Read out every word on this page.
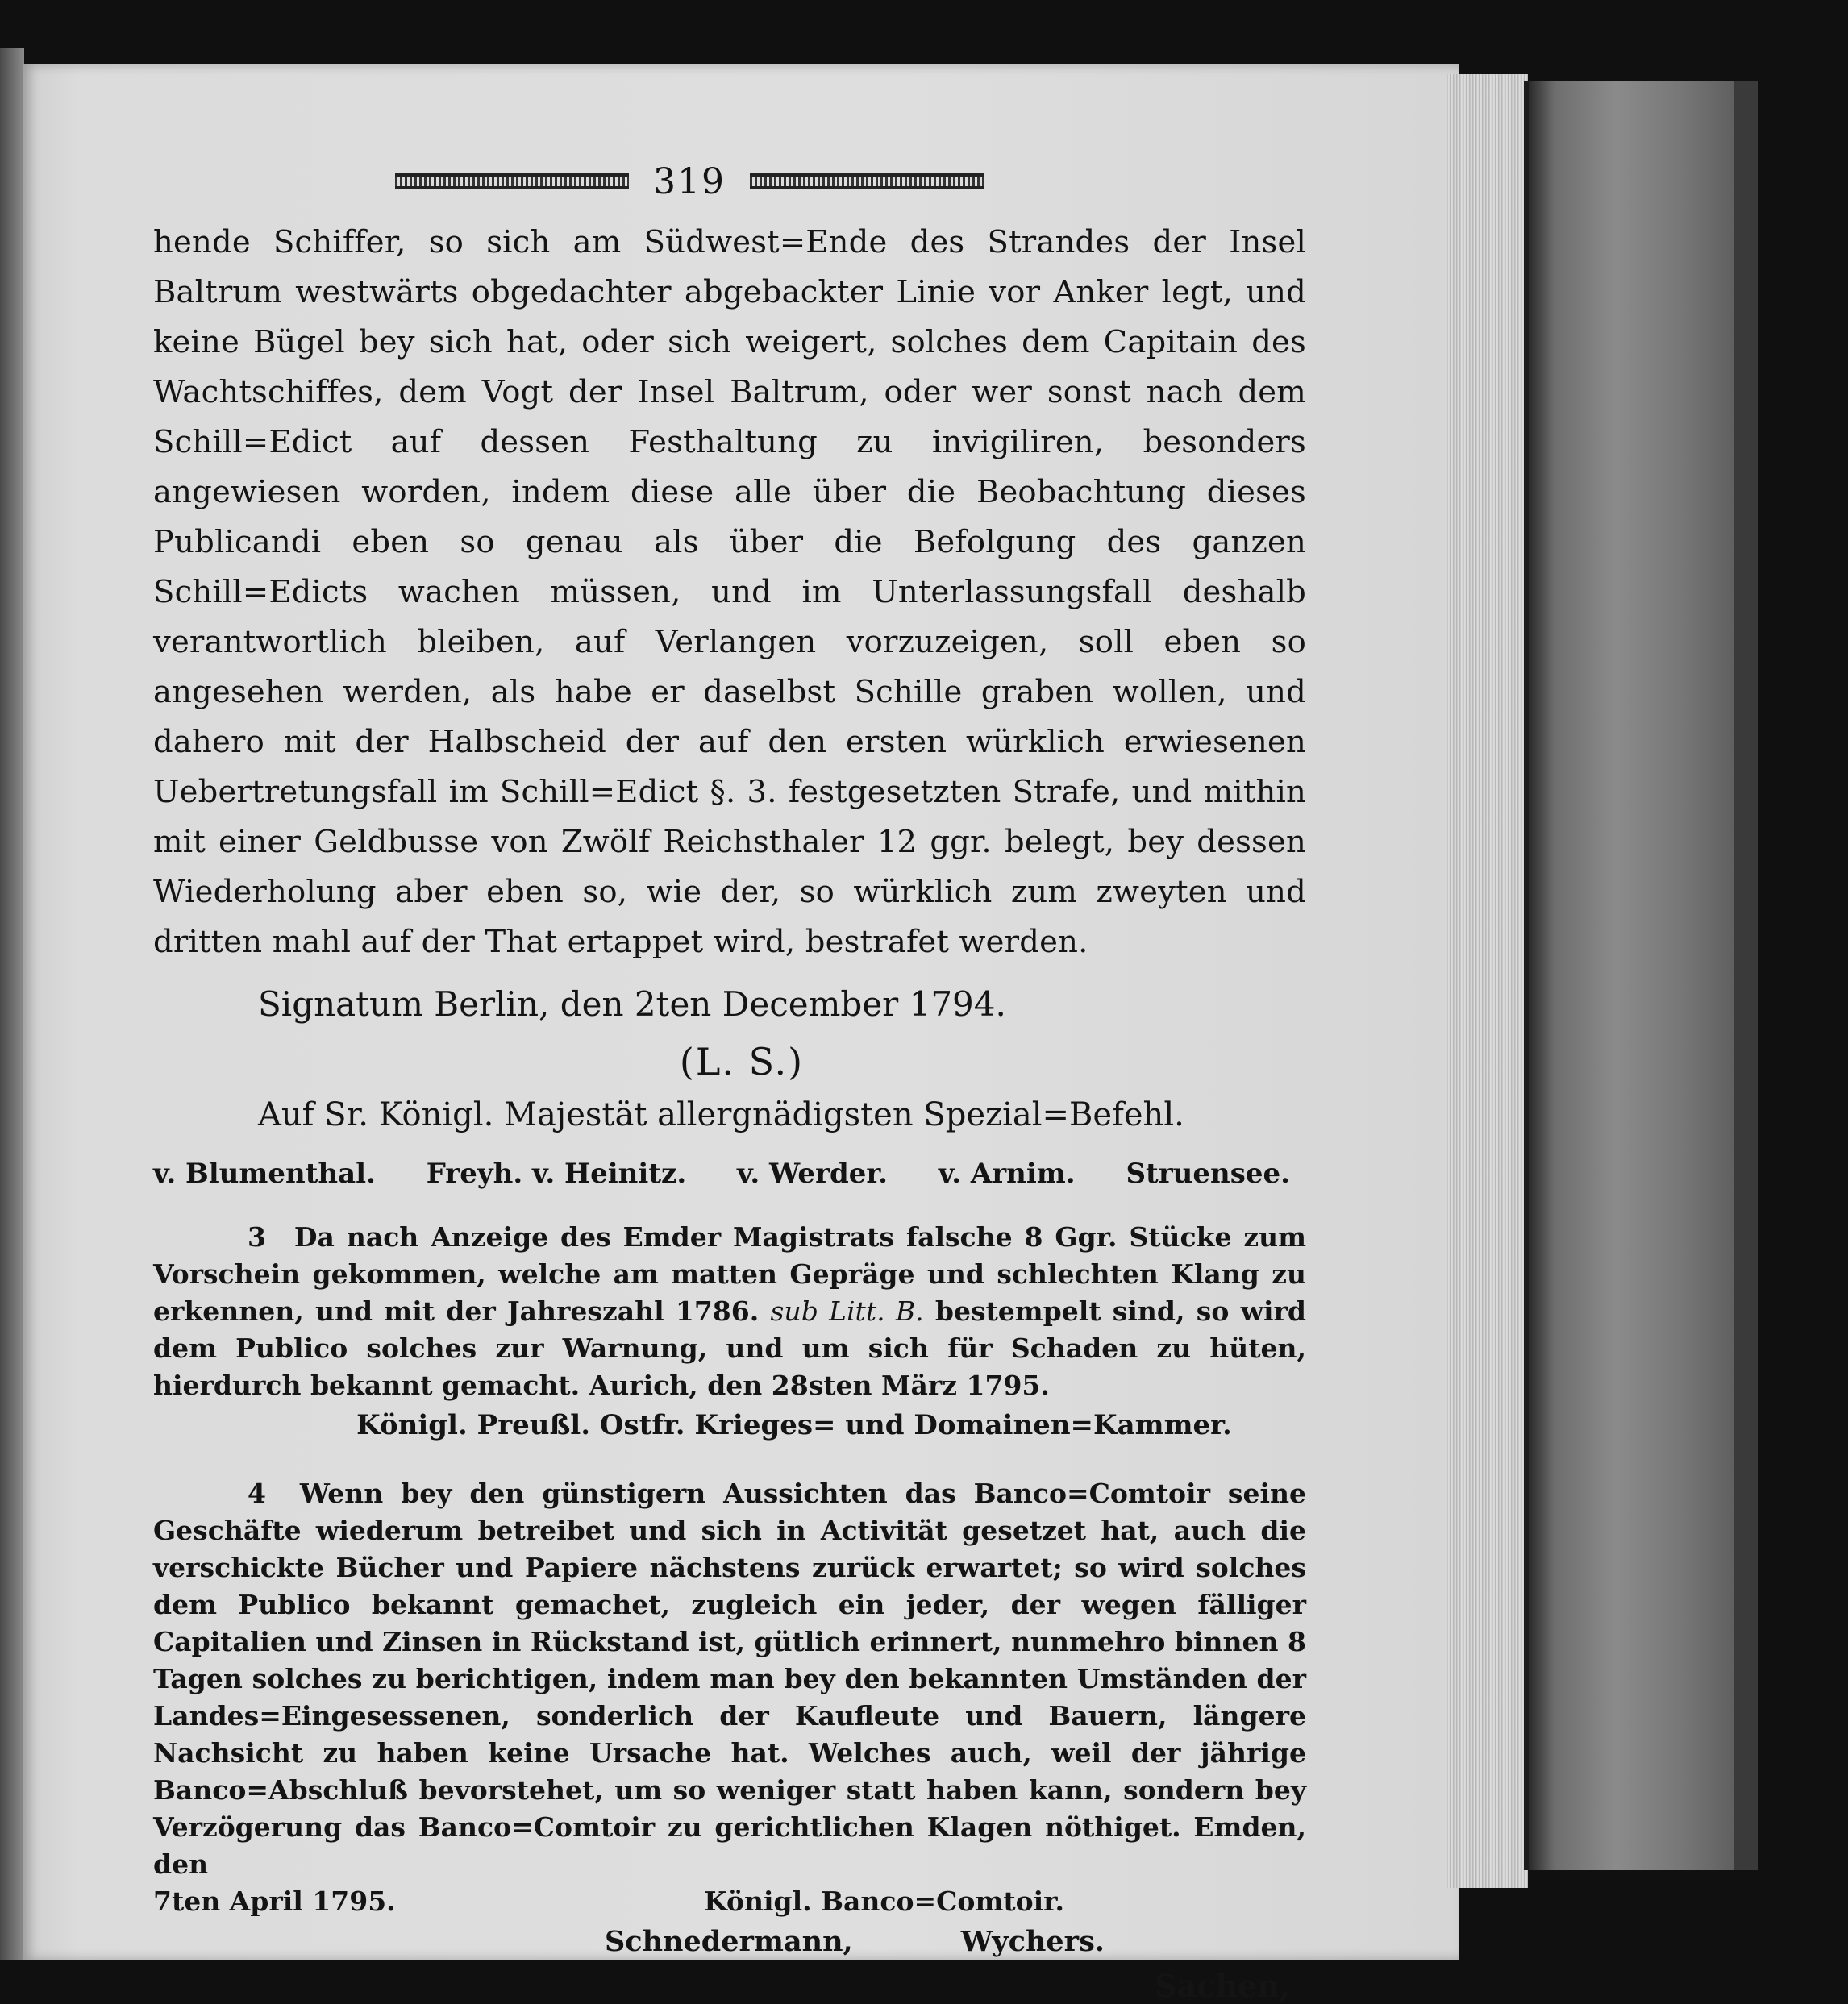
319

hende Schiffer, so sich am Südwest=Ende des Strandes der Insel Baltrum westwärts obgedachter abgebackter Linie vor Anker legt, und keine Bügel bey sich hat, oder sich weigert, solches dem Capitain des Wachtschiffes, dem Vogt der Insel Baltrum, oder wer sonst nach dem Schill=Edict auf dessen Festhaltung zu invigiliren, besonders angewiesen worden, indem diese alle über die Beobachtung dieses Publicandi eben so genau als über die Befolgung des ganzen Schill=Edicts wachen müssen, und im Unterlassungsfall deshalb verantwortlich bleiben, auf Verlangen vorzuzeigen, soll eben so angesehen werden, als habe er daselbst Schille graben wollen, und dahero mit der Halbscheid der auf den ersten würklich erwiesenen Uebertretungsfall im Schill=Edict §. 3. festgesetzten Strafe, und mithin mit einer Geldbusse von Zwölf Reichsthaler 12 ggr. belegt, bey dessen Wiederholung aber eben so, wie der, so würklich zum zweyten und dritten mahl auf der That ertappet wird, bestrafet werden.

Signatum Berlin, den 2ten December 1794.
(L. S.)
Auf Sr. Königl. Majestät allergnädigsten Spezial=Befehl.
v. Blumenthal. Freyh. v. Heinitz. v. Werder. v. Arnim. Struensee.

3 Da nach Anzeige des Emder Magistrats falsche 8 Ggr. Stücke zum Vorschein gekommen, welche am matten Gepräge und schlechten Klang zu erkennen, und mit der Jahreszahl 1786. sub Litt. B. bestempelt sind, so wird dem Publico solches zur Warnung, und um sich für Schaden zu hüten, hierdurch bekannt gemacht. Aurich, den 28sten März 1795.

Königl. Preußl. Ostfr. Krieges= und Domainen=Kammer.

4 Wenn bey den günstigern Aussichten das Banco=Comtoir seine Geschäfte wiederum betreibet und sich in Activität gesetzet hat, auch die verschickte Bücher und Papiere nächstens zurück erwartet; so wird solches dem Publico bekannt gemachet, zugleich ein jeder, der wegen fälliger Capitalien und Zinsen in Rückstand ist, gütlich erinnert, nunmehro binnen 8 Tagen solches zu berichtigen, indem man bey den bekannten Umständen der Landes=Eingesessenen, sonderlich der Kaufleute und Bauern, längere Nachsicht zu haben keine Ursache hat. Welches auch, weil der jährige Banco=Abschluß bevorstehet, um so weniger statt haben kann, sondern bey Verzögerung das Banco=Comtoir zu gerichtlichen Klagen nöthiget. Emden, den

7ten April 1795.	Königl. Banco=Comtoir.
Schnedermann,	Wychers.
Sachen,
